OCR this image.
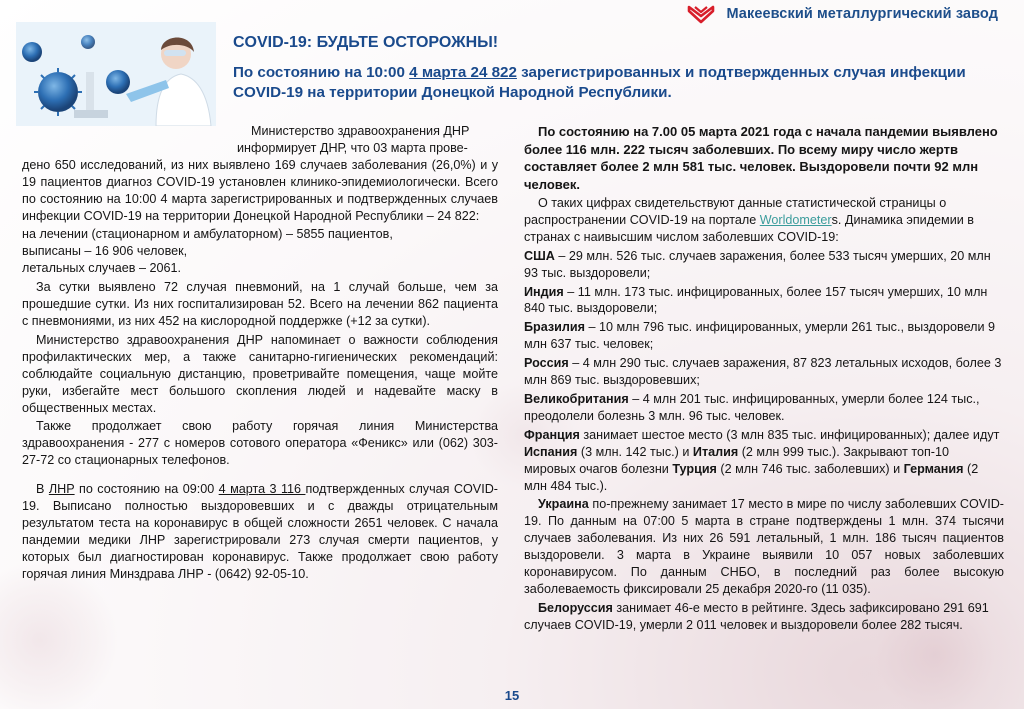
Макеевский металлургический завод
COVID-19: БУДЬТЕ ОСТОРОЖНЫ!
По состоянию на 10:00 4 марта 24 822 зарегистрированных и подтвержденных случая инфекции COVID-19 на территории Донецкой Народной Республики.

Министерство здравоохранения ДНР
информирует ДНР, что 03 марта прове-

дено 650 исследований, из них выявлено 169 случаев заболевания (26,0%) и у 19 пациентов диагноз COVID-19 установлен клинико-эпидемиологически. Всего по состоянию на 10:00 4 марта зарегистрированных и подтвержденных случаев инфекции COVID-19 на территории Донецкой Народной Республики – 24 822:

на лечении (стационарном и амбулаторном) – 5855 пациентов,

выписаны – 16 906 человек,

летальных случаев – 2061.

За сутки выявлено 72 случая пневмоний, на 1 случай больше, чем за прошедшие сутки. Из них госпитализирован 52. Всего на лечении 862 пациента с пневмониями, из них 452 на кислородной поддержке (+12 за сутки).

Министерство здравоохранения ДНР напоминает о важности соблюдения профилактических мер, а также санитарно-гигиенических рекомендаций: соблюдайте социальную дистанцию, проветривайте помещения, чаще мойте руки, избегайте мест большого скопления людей и надевайте маску в общественных местах.

Также продолжает свою работу горячая линия Министерства здравоохранения - 277 с номеров сотового оператора «Феникс» или (062) 303-27-72 со стационарных телефонов.

В ЛНР по состоянию на 09:00 4 марта 3 116 подтвержденных случая COVID-19. Выписано полностью выздоровевших и с дважды отрицательным результатом теста на коронавирус в общей сложности 2651 человек. С начала пандемии медики ЛНР зарегистрировали 273 случая смерти пациентов, у которых был диагностирован коронавирус. Также продолжает свою работу горячая линия Минздрава ЛНР - (0642) 92-05-10.

По состоянию на 7.00 05 марта 2021 года с начала пандемии выявлено более 116 млн. 222 тысяч заболевших. По всему миру число жертв составляет более 2 млн 581 тыс. человек. Выздоровели почти 92 млн человек.

О таких цифрах свидетельствуют данные статистической страницы о распространении COVID-19 на портале Worldometers. Динамика эпидемии в странах с наивысшим числом заболевших COVID-19:

США – 29 млн. 526 тыс. случаев заражения, более 533 тысяч умерших, 20 млн 93 тыс. выздоровели;

Индия – 11 млн. 173 тыс. инфицированных, более 157 тысяч умерших, 10 млн 840 тыс. выздоровели;

Бразилия – 10 млн 796 тыс. инфицированных, умерли 261 тыс., выздоровели 9 млн 637 тыс. человек;

Россия – 4 млн 290 тыс. случаев заражения, 87 823 летальных исходов, более 3 млн 869 тыс. выздоровевших;

Великобритания – 4 млн 201 тыс. инфицированных, умерли более 124 тыс., преодолели болезнь 3 млн. 96 тыс. человек.

Франция занимает шестое место (3 млн 835 тыс. инфицированных); далее идут Испания (3 млн. 142 тыс.) и Италия (2 млн 999 тыс.). Закрывают топ-10 мировых очагов болезни Турция (2 млн 746 тыс. заболевших) и Германия (2 млн 484 тыс.).

Украина по-прежнему занимает 17 место в мире по числу заболевших COVID-19. По данным на 07:00 5 марта в стране подтверждены 1 млн. 374 тысячи случаев заболевания. Из них 26 591 летальный, 1 млн. 186 тысяч пациентов выздоровели. 3 марта в Украине выявили 10 057 новых заболевших коронавирусом. По данным СНБО, в последний раз более высокую заболеваемость фиксировали 25 декабря 2020-го (11 035).

Белоруссия занимает 46-е место в рейтинге. Здесь зафиксировано 291 691 случаев COVID-19, умерли 2 011 человек и выздоровели более 282 тысяч.

15
